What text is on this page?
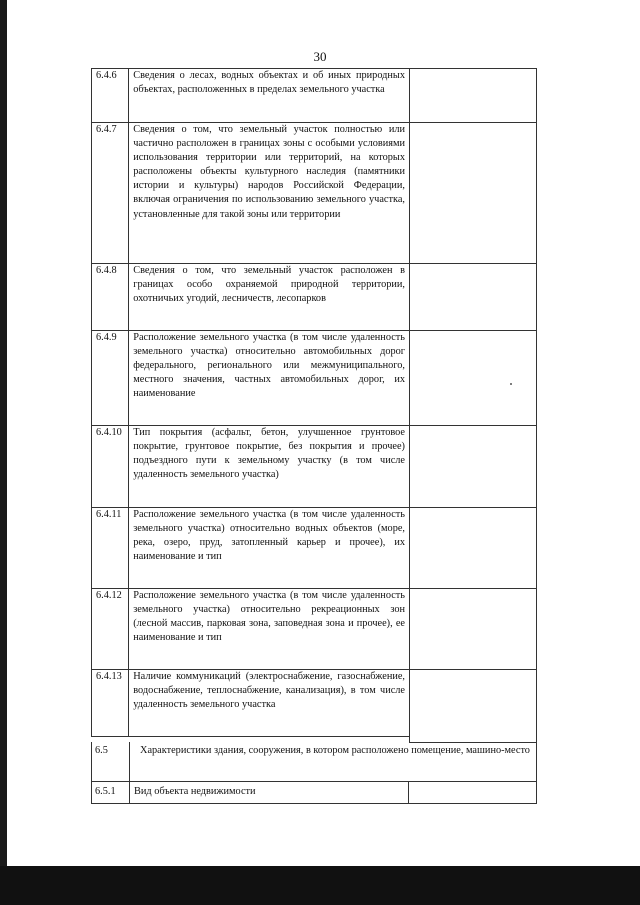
30
6.4.6	Сведения о лесах, водных объектах и об иных природных объектах, расположенных в пределах земельного участка
6.4.7	Сведения о том, что земельный участок полностью или частично расположен в границах зоны с особыми условиями использования территории или территорий, на которых расположены объекты культурного наследия (памятники истории и культуры) народов Российской Федерации, включая ограничения по использованию земельного участка, установленные для такой зоны или территории
6.4.8	Сведения о том, что земельный участок расположен в границах особо охраняемой природной территории, охотничьих угодий, лесничеств, лесопарков
6.4.9	Расположение земельного участка (в том числе удаленность земельного участка) относительно автомобильных дорог федерального, регионального или межмуниципального, местного значения, частных автомобильных дорог, их наименование
6.4.10	Тип покрытия (асфальт, бетон, улучшенное грунтовое покрытие, грунтовое покрытие, без покрытия и прочее) подъездного пути к земельному участку (в том числе удаленность земельного участка)
6.4.11	Расположение земельного участка (в том числе удаленность земельного участка) относительно водных объектов (море, река, озеро, пруд, затопленный карьер и прочее), их наименование и тип
6.4.12	Расположение земельного участка (в том числе удаленность земельного участка) относительно рекреационных зон (лесной массив, парковая зона, заповедная зона и прочее), ее наименование и тип
6.4.13	Наличие коммуникаций (электроснабжение, газоснабжение, водоснабжение, теплоснабжение, канализация), в том числе удаленность земельного участка
6.5	Характеристики здания, сооружения, в котором расположено помещение, машино-место
6.5.1 Вид объекта недвижимости
